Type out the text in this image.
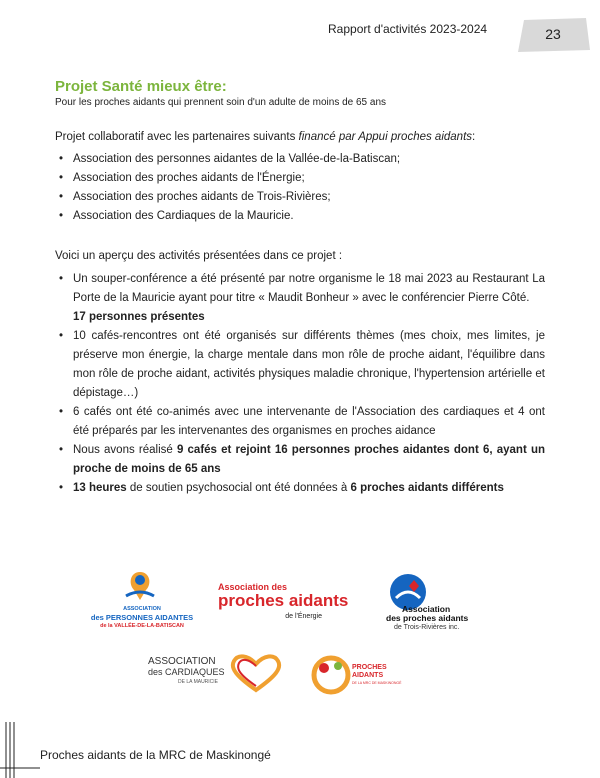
Rapport d'activités 2023-2024	23
Projet Santé mieux être:
Pour les proches aidants qui prennent soin d'un adulte de moins de 65 ans
Projet collaboratif avec les partenaires suivants financé par Appui proches aidants:
• Association des personnes aidantes de la Vallée-de-la-Batiscan;
• Association des proches aidants de l'Énergie;
• Association des proches aidants de Trois-Rivières;
• Association des Cardiaques de la Mauricie.
Voici un aperçu des activités présentées dans ce projet :
• Un souper-conférence a été présenté par notre organisme le 18 mai 2023 au Restaurant La Porte de la Mauricie ayant pour titre « Maudit Bonheur » avec le conférencier Pierre Côté.
17 personnes présentes
• 10 cafés-rencontres ont été organisés sur différents thèmes (mes choix, mes limites, je préserve mon énergie, la charge mentale dans mon rôle de proche aidant, l'équilibre dans mon rôle de proche aidant, activités physiques maladie chronique, l'hypertension artérielle et dépistage…)
• 6 cafés ont été co-animés avec une intervenante de l'Association des cardiaques et 4 ont été préparés par les intervenantes des organismes en proches aidance
• Nous avons réalisé 9 cafés et rejoint 16 personnes proches aidantes dont 6, ayant un proche de moins de 65 ans
• 13 heures de soutien psychosocial ont été données à 6 proches aidants différents
ASSOCIATION
des PERSONNES AIDANTES
de la VALLÉE-DE-LA-BATISCAN
Association des
proches aidants
de l'Énergie
Association
des proches aidants
de Trois-Rivières inc.
ASSOCIATION
des CARDIAQUES
DE LA MAURICIE
PROCHES
AIDANTS
DE LA MRC DE MASKINONGÉ
Proches aidants de la MRC de Maskinongé
